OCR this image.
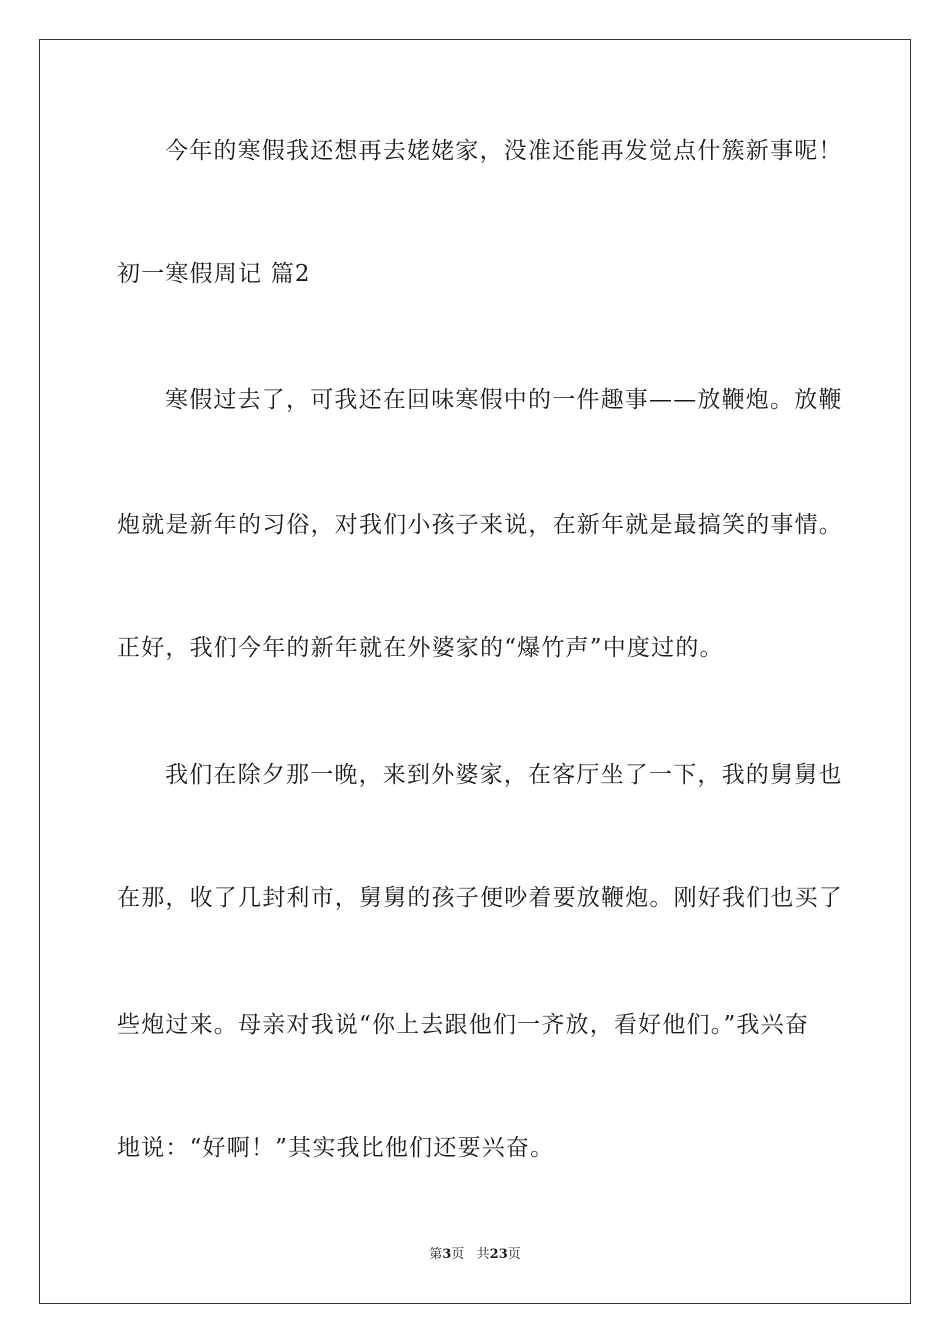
今年的寒假我还想再去姥姥家，没准还能再发觉点什簇新事呢！
初一寒假周记 篇2
寒假过去了，可我还在回味寒假中的一件趣事——放鞭炮。放鞭
炮就是新年的习俗，对我们小孩子来说，在新年就是最搞笑的事情。
正好，我们今年的新年就在外婆家的“爆竹声”中度过的。
我们在除夕那一晚，来到外婆家，在客厅坐了一下，我的舅舅也
在那，收了几封利市，舅舅的孩子便吵着要放鞭炮。刚好我们也买了
些炮过来。母亲对我说“你上去跟他们一齐放，看好他们。”我兴奋
地说：“好啊！”其实我比他们还要兴奋。
第3页   共23页
